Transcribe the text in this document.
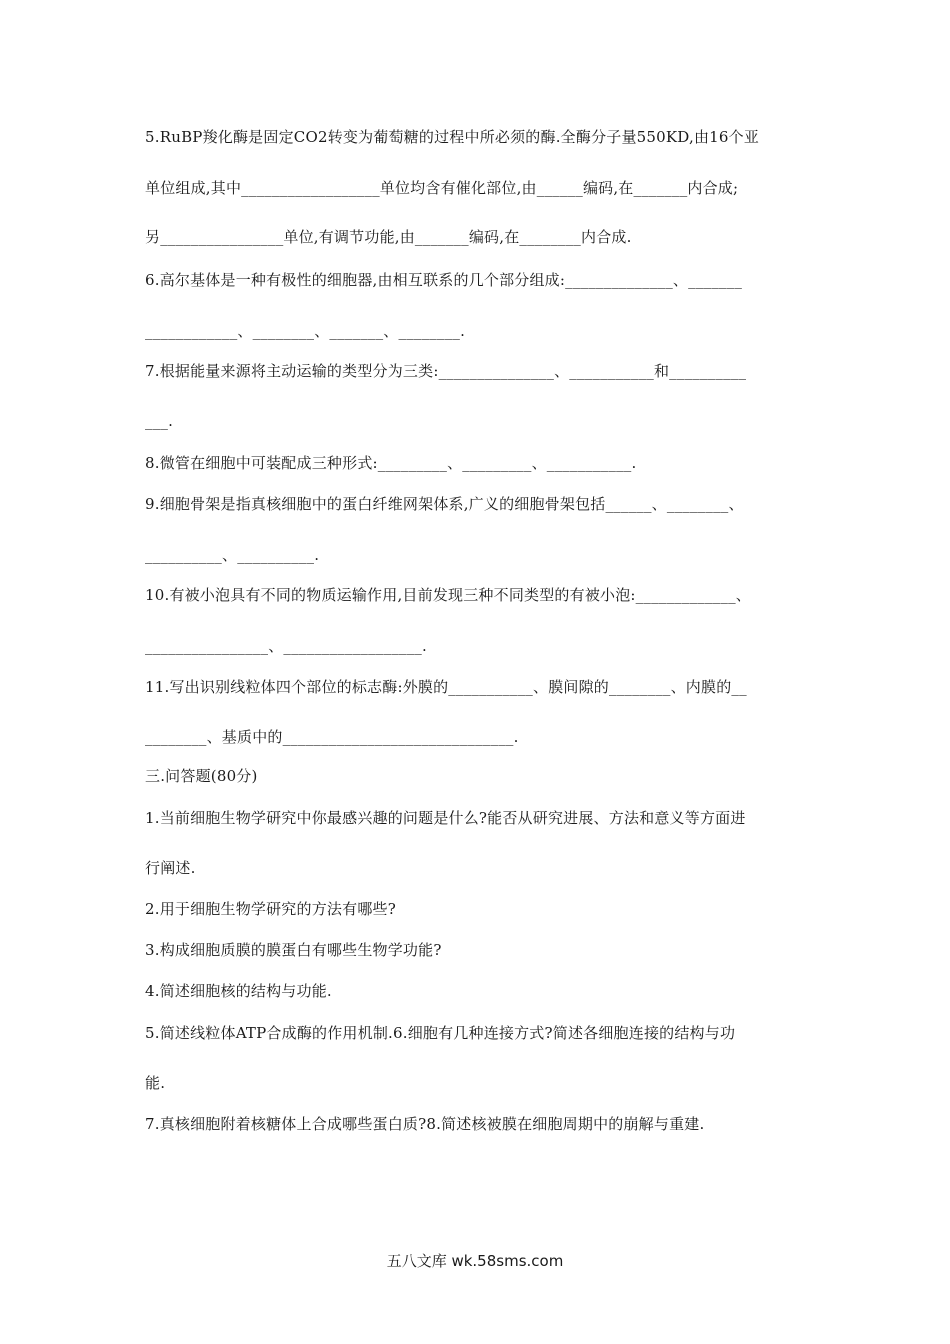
5.RuBP羧化酶是固定CO2转变为葡萄糖的过程中所必须的酶.全酶分子量550KD,由16个亚
单位组成,其中__________________单位均含有催化部位,由______编码,在_______内合成;
另________________单位,有调节功能,由_______编码,在________内合成.
6.高尔基体是一种有极性的细胞器,由相互联系的几个部分组成:______________、_______
____________、________、_______、________.
7.根据能量来源将主动运输的类型分为三类:_______________、___________和__________
___.
8.微管在细胞中可装配成三种形式:_________、_________、___________.
9.细胞骨架是指真核细胞中的蛋白纤维网架体系,广义的细胞骨架包括______、________、
__________、__________.
10.有被小泡具有不同的物质运输作用,目前发现三种不同类型的有被小泡:_____________、
________________、__________________.
11.写出识别线粒体四个部位的标志酶:外膜的___________、膜间隙的________、内膜的__
________、基质中的______________________________.
三.问答题(80分)
1.当前细胞生物学研究中你最感兴趣的问题是什么?能否从研究进展、方法和意义等方面进
行阐述.
2.用于细胞生物学研究的方法有哪些?
3.构成细胞质膜的膜蛋白有哪些生物学功能?
4.简述细胞核的结构与功能.
5.简述线粒体ATP合成酶的作用机制.6.细胞有几种连接方式?简述各细胞连接的结构与功
能.
7.真核细胞附着核糖体上合成哪些蛋白质?8.简述核被膜在细胞周期中的崩解与重建.
五八文库 wk.58sms.com
